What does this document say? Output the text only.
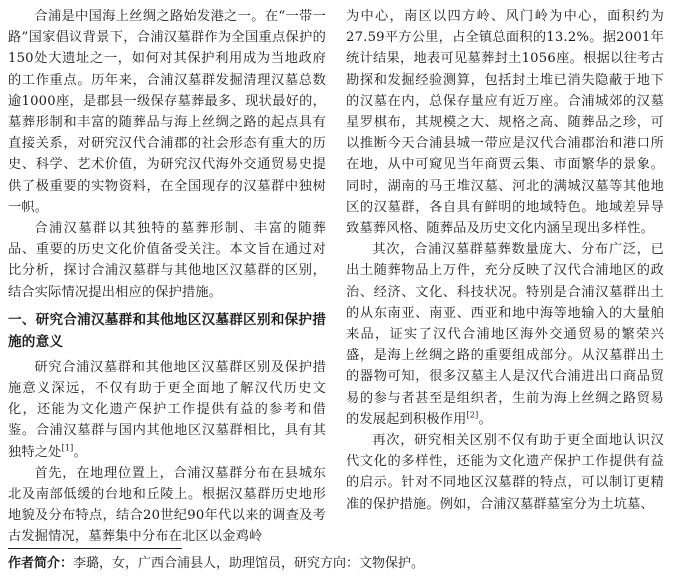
合浦是中国海上丝绸之路始发港之一。在“一带一路”国家倡议背景下，合浦汉墓群作为全国重点保护的150处大遗址之一，如何对其保护利用成为当地政府的工作重点。历年来，合浦汉墓群发掘清理汉墓总数逾1000座，是郡县一级保存墓葬最多、现状最好的，墓葬形制和丰富的随葬品与海上丝绸之路的起点具有直接关系，对研究汉代合浦郡的社会形态有重大的历史、科学、艺术价值，为研究汉代海外交通贸易史提供了极重要的实物资料，在全国现存的汉墓群中独树一帜。

合浦汉墓群以其独特的墓葬形制、丰富的随葬品、重要的历史文化价值备受关注。本文旨在通过对比分析，探讨合浦汉墓群与其他地区汉墓群的区别，结合实际情况提出相应的保护措施。

一、研究合浦汉墓群和其他地区汉墓群区别和保护措施的意义

研究合浦汉墓群和其他地区汉墓群区别及保护措施意义深远，不仅有助于更全面地了解汉代历史文化，还能为文化遗产保护工作提供有益的参考和借鉴。合浦汉墓群与国内其他地区汉墓群相比，具有其独特之处[1]。

首先，在地理位置上，合浦汉墓群分布在县城东北及南部低缓的台地和丘陵上。根据汉墓群历史地形地貌及分布特点，结合20世纪90年代以来的调查及考古发掘情况，墓葬集中分布在北区以金鸡岭

为中心，南区以四方岭、风门岭为中心，面积约为27.59平方公里，占全镇总面积的13.2%。据2001年统计结果，地表可见墓葬封土1056座。根据以往考古勘探和发掘经验测算，包括封土堆已消失隐蔽于地下的汉墓在内，总保存量应有近万座。合浦城郊的汉墓星罗棋布，其规模之大、规格之高、随葬品之珍，可以推断今天合浦县城一带应是汉代合浦郡治和港口所在地，从中可窥见当年商贾云集、市面繁华的景象。同时，湖南的马王堆汉墓、河北的满城汉墓等其他地区的汉墓群，各自具有鲜明的地域特色。地域差异导致墓葬风格、随葬品及历史文化内涵呈现出多样性。

其次，合浦汉墓群墓葬数量庞大、分布广泛，已出土随葬物品上万件，充分反映了汉代合浦地区的政治、经济、文化、科技状况。特别是合浦汉墓群出土的从东南亚、南亚、西亚和地中海等地输入的大量舶来品，证实了汉代合浦地区海外交通贸易的繁荣兴盛，是海上丝绸之路的重要组成部分。从汉墓群出土的器物可知，很多汉墓主人是汉代合浦进出口商品贸易的参与者甚至是组织者，生前为海上丝绸之路贸易的发展起到积极作用[2]。

再次，研究相关区别不仅有助于更全面地认识汉代文化的多样性，还能为文化遗产保护工作提供有益的启示。针对不同地区汉墓群的特点，可以制订更精准的保护措施。例如，合浦汉墓群墓室分为土坑墓、

作者简介：李璐，女，广西合浦县人，助理馆员，研究方向：文物保护。
